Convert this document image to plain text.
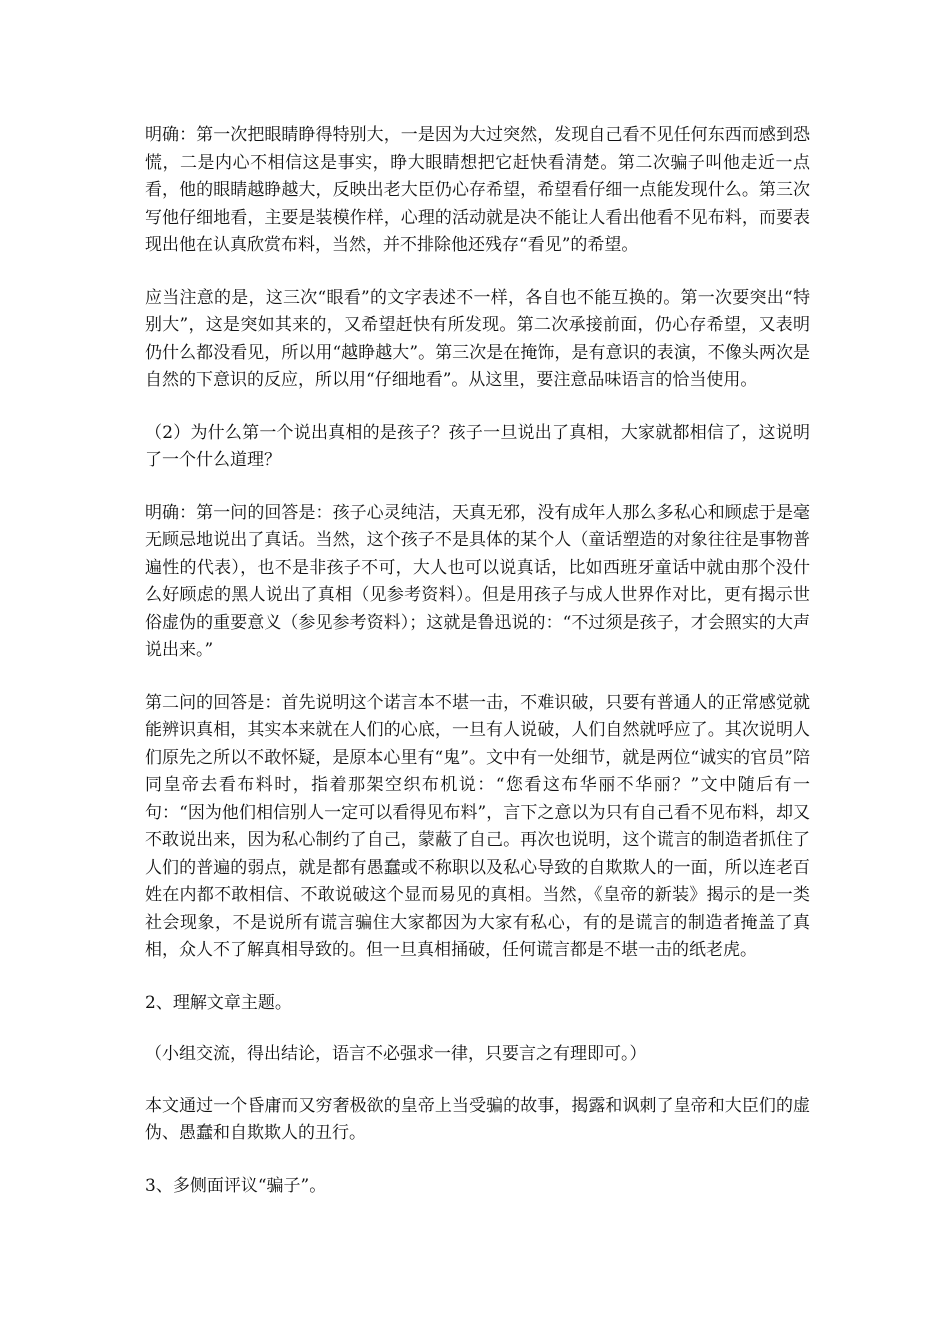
明确：第一次把眼睛睁得特别大，一是因为大过突然，发现自己看不见任何东西而感到恐慌，二是内心不相信这是事实，睁大眼睛想把它赶快看清楚。第二次骗子叫他走近一点看，他的眼睛越睁越大，反映出老大臣仍心存希望，希望看仔细一点能发现什么。第三次写他仔细地看，主要是装模作样，心理的活动就是决不能让人看出他看不见布料，而要表现出他在认真欣赏布料，当然，并不排除他还残存“看见”的希望。

应当注意的是，这三次“眼看”的文字表述不一样，各自也不能互换的。第一次要突出“特别大”，这是突如其来的，又希望赶快有所发现。第二次承接前面，仍心存希望，又表明仍什么都没看见，所以用“越睁越大”。第三次是在掩饰，是有意识的表演，不像头两次是自然的下意识的反应，所以用“仔细地看”。从这里，要注意品味语言的恰当使用。

（2）为什么第一个说出真相的是孩子？孩子一旦说出了真相，大家就都相信了，这说明了一个什么道理？

明确：第一问的回答是：孩子心灵纯洁，天真无邪，没有成年人那么多私心和顾虑于是毫无顾忌地说出了真话。当然，这个孩子不是具体的某个人（童话塑造的对象往往是事物普遍性的代表），也不是非孩子不可，大人也可以说真话，比如西班牙童话中就由那个没什么好顾虑的黑人说出了真相（见参考资料）。但是用孩子与成人世界作对比，更有揭示世俗虚伪的重要意义（参见参考资料）；这就是鲁迅说的：“不过须是孩子，才会照实的大声说出来。”

第二问的回答是：首先说明这个诺言本不堪一击，不难识破，只要有普通人的正常感觉就能辨识真相，其实本来就在人们的心底，一旦有人说破，人们自然就呼应了。其次说明人们原先之所以不敢怀疑，是原本心里有“鬼”。文中有一处细节，就是两位“诚实的官员”陪同皇帝去看布料时，指着那架空织布机说：“您看这布华丽不华丽？”文中随后有一句：“因为他们相信别人一定可以看得见布料”，言下之意以为只有自己看不见布料，却又不敢说出来，因为私心制约了自己，蒙蔽了自己。再次也说明，这个谎言的制造者抓住了人们的普遍的弱点，就是都有愚蠢或不称职以及私心导致的自欺欺人的一面，所以连老百姓在内都不敢相信、不敢说破这个显而易见的真相。当然，《皇帝的新装》揭示的是一类社会现象，不是说所有谎言骗住大家都因为大家有私心，有的是谎言的制造者掩盖了真相，众人不了解真相导致的。但一旦真相捅破，任何谎言都是不堪一击的纸老虎。

2、理解文章主题。

（小组交流，得出结论，语言不必强求一律，只要言之有理即可。）

本文通过一个昏庸而又穷奢极欲的皇帝上当受骗的故事，揭露和讽刺了皇帝和大臣们的虚伪、愚蠢和自欺欺人的丑行。

3、多侧面评议“骗子”。
